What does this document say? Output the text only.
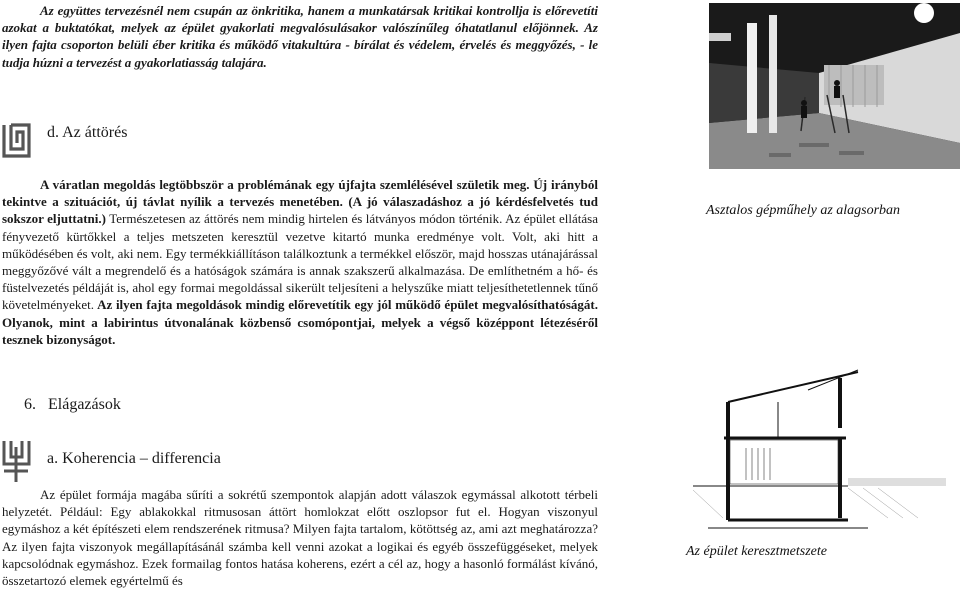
Az együttes tervezésnél nem csupán az önkritika, hanem a munkatársak kritikai kontrollja is előrevetíti azokat a buktatókat, melyek az épület gyakorlati megvalósulásakor valószínűleg óhatatlanul előjönnek. Az ilyen fajta csoporton belüli éber kritika és működő vitakultúra - bírálat és védelem, érvelés és meggyőzés, - le tudja húzni a tervezést a gyakorlatiasság talajára.

d. Az áttörés

A váratlan megoldás legtöbbször a problémának egy újfajta szemlélésével születik meg. Új irányból tekintve a szituációt, új távlat nyílik a tervezés menetében. (A jó válaszadáshoz a jó kérdésfelvetés tud sokszor eljuttatni.) Természetesen az áttörés nem mindig hirtelen és látványos módon történik. Az épület ellátása fényvezető kürtőkkel a teljes metszeten keresztül vezetve kitartó munka eredménye volt. Volt, aki hitt a működésében és volt, aki nem. Egy termékkiállításon találkoztunk a termékkel először, majd hosszas utánajárással meggyőzővé vált a megrendelő és a hatóságok számára is annak szakszerű alkalmazása. De említhetném a hő- és füstelvezetés példáját is, ahol egy formai megoldással sikerült teljesíteni a helyszűke miatt teljesíthetetlennek tűnő követelményeket. Az ilyen fajta megoldások mindig előrevetítik egy jól működő épület megvalósíthatóságát. Olyanok, mint a labirintus útvonalának közbenső csomópontjai, melyek a végső középpont létezéséről tesznek bizonyságot.

6.   Elágazások

a. Koherencia – differencia

Az épület formája magába sűríti a sokrétű szempontok alapján adott válaszok egymással alkotott térbeli helyzetét. Például: Egy ablakokkal ritmusosan áttört homlokzat előtt oszlopsor fut el. Hogyan viszonyul egymáshoz a két építészeti elem rendszerének ritmusa? Milyen fajta tartalom, kötöttség az, ami azt meghatározza? Az ilyen fajta viszonyok megállapításánál számba kell venni azokat a logikai és egyéb összefüggéseket, melyek kapcsolódnak egymáshoz. Ezek formailag fontos hatása koherens, ezért a cél az, hogy a hasonló formálást kívánó, összetartozó elemek egyértelmű és

Asztalos gépműhely az alagsorban

Az épület keresztmetszete
